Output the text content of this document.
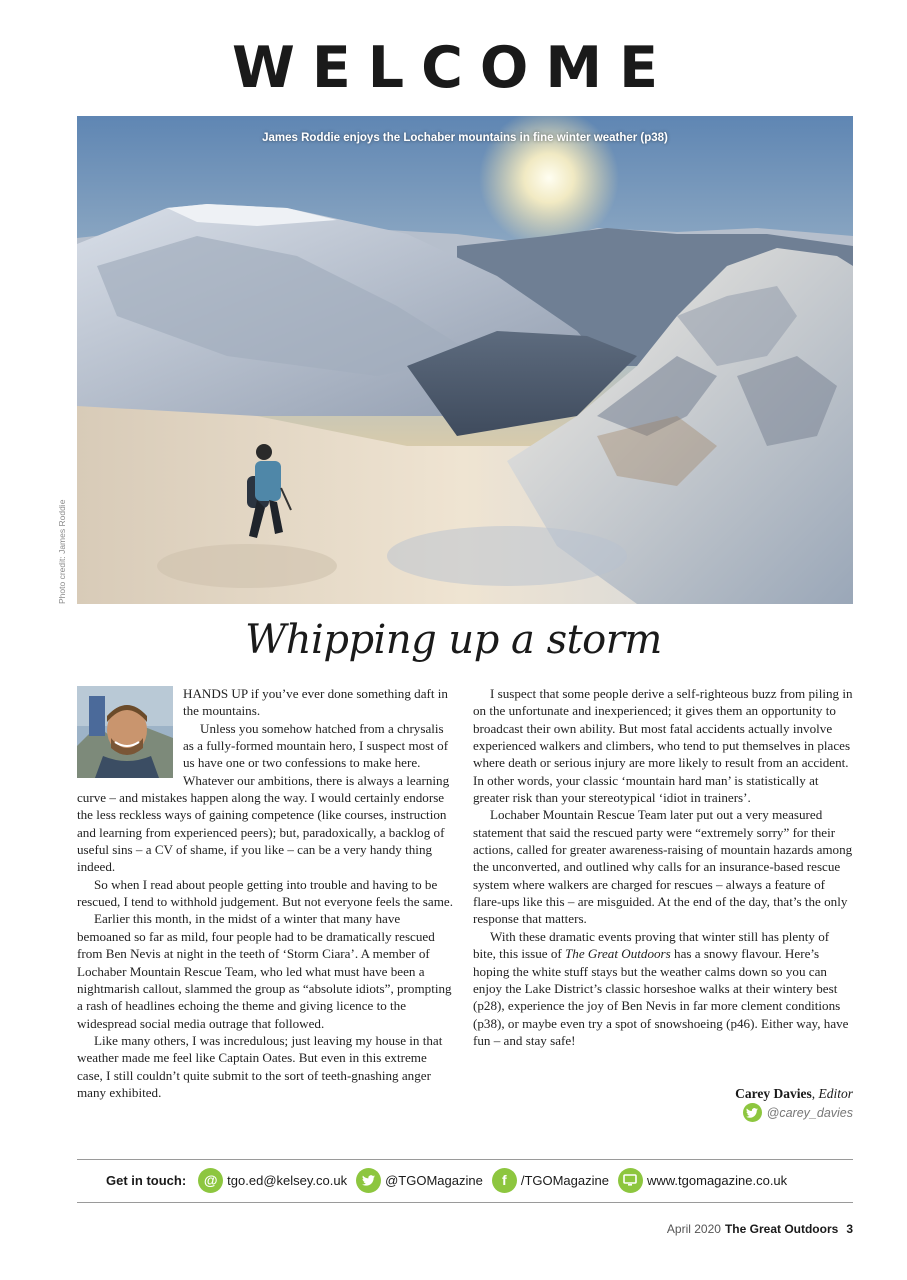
WELCOME
James Roddie enjoys the Lochaber mountains in fine winter weather (p38)
Photo credit: James Roddie
Whipping up a storm

HANDS UP if you’ve ever done something daft in the mountains.

Unless you somehow hatched from a chrysalis as a fully-formed mountain hero, I suspect most of us have one or two confessions to make here. Whatever our ambitions, there is always a learning curve – and mistakes happen along the way. I would certainly endorse the less reckless ways of gaining competence (like courses, instruction and learning from experienced peers); but, paradoxically, a backlog of useful sins – a CV of shame, if you like – can be a very handy thing indeed.

So when I read about people getting into trouble and having to be rescued, I tend to withhold judgement. But not everyone feels the same.

Earlier this month, in the midst of a winter that many have bemoaned so far as mild, four people had to be dramatically rescued from Ben Nevis at night in the teeth of ‘Storm Ciara’. A member of Lochaber Mountain Rescue Team, who led what must have been a nightmarish callout, slammed the group as “absolute idiots”, prompting a rash of headlines echoing the theme and giving licence to the widespread social media outrage that followed.

Like many others, I was incredulous; just leaving my house in that weather made me feel like Captain Oates. But even in this extreme case, I still couldn’t quite submit to the sort of teeth-gnashing anger many exhibited.

I suspect that some people derive a self-righteous buzz from piling in on the unfortunate and inexperienced; it gives them an opportunity to broadcast their own ability. But most fatal accidents actually involve experienced walkers and climbers, who tend to put themselves in places where death or serious injury are more likely to result from an accident. In other words, your classic ‘mountain hard man’ is statistically at greater risk than your stereotypical ‘idiot in trainers’.

Lochaber Mountain Rescue Team later put out a very measured statement that said the rescued party were “extremely sorry” for their actions, called for greater awareness-raising of mountain hazards among the unconverted, and outlined why calls for an insurance-based rescue system where walkers are charged for rescues – always a feature of flare-ups like this – are misguided. At the end of the day, that’s the only response that matters.

With these dramatic events proving that winter still has plenty of bite, this issue of The Great Outdoors has a snowy flavour. Here’s hoping the white stuff stays but the weather calms down so you can enjoy the Lake District’s classic horseshoe walks at their wintery best (p28), experience the joy of Ben Nevis in far more clement conditions (p38), or maybe even try a spot of snowshoeing (p46). Either way, have fun – and stay safe!

Carey Davies, Editor
@carey_davies
Get in touch:	@ tgo.ed@kelsey.co.uk	@TGOMagazine	f	/TGOMagazine	www.tgomagazine.co.uk
April 2020 The Great Outdoors 3
